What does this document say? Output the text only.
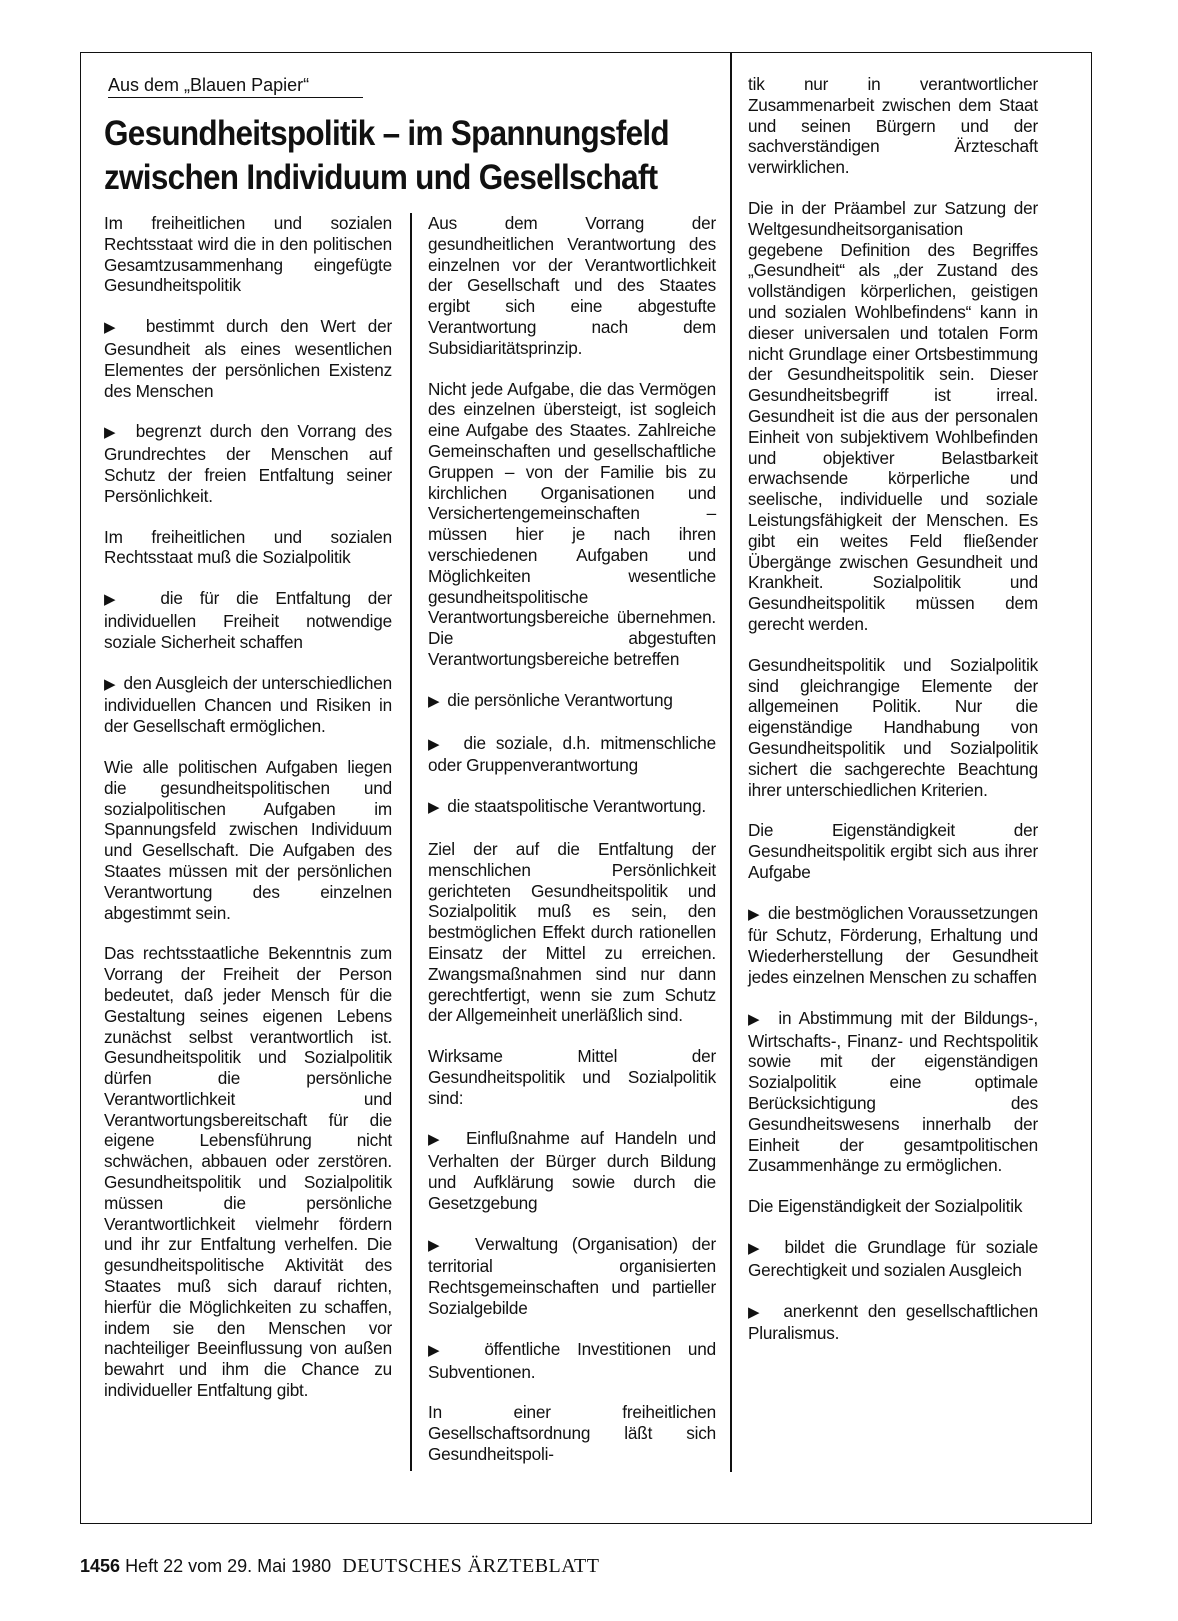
Aus dem „Blauen Papier“
Gesundheitspolitik – im Spannungsfeld
zwischen Individuum und Gesellschaft

Im freiheitlichen und sozialen Rechtsstaat wird die in den politischen Gesamtzusammenhang eingefügte Gesundheitspolitik

▶  bestimmt durch den Wert der Gesundheit als eines wesentlichen Elementes der persönlichen Existenz des Menschen

▶  begrenzt durch den Vorrang des Grundrechtes der Menschen auf Schutz der freien Entfaltung seiner Persönlichkeit.

Im freiheitlichen und sozialen Rechtsstaat muß die Sozialpolitik

▶  die für die Entfaltung der individuellen Freiheit notwendige soziale Sicherheit schaffen

▶  den Ausgleich der unterschiedlichen individuellen Chancen und Risiken in der Gesellschaft ermöglichen.

Wie alle politischen Aufgaben liegen die gesundheitspolitischen und sozialpolitischen Aufgaben im Spannungsfeld zwischen Individuum und Gesellschaft. Die Aufgaben des Staates müssen mit der persönlichen Verantwortung des einzelnen abgestimmt sein.

Das rechtsstaatliche Bekenntnis zum Vorrang der Freiheit der Person bedeutet, daß jeder Mensch für die Gestaltung seines eigenen Lebens zunächst selbst verantwortlich ist. Gesundheitspolitik und Sozialpolitik dürfen die persönliche Verantwortlichkeit und Verantwortungsbereitschaft für die eigene Lebensführung nicht schwächen, abbauen oder zerstören. Gesundheitspolitik und Sozialpolitik müssen die persönliche Verantwortlichkeit vielmehr fördern und ihr zur Entfaltung verhelfen. Die gesundheitspolitische Aktivität des Staates muß sich darauf richten, hierfür die Möglichkeiten zu schaffen, indem sie den Menschen vor nachteiliger Beeinflussung von außen bewahrt und ihm die Chance zu individueller Entfaltung gibt.

Aus dem Vorrang der gesundheitlichen Verantwortung des einzelnen vor der Verantwortlichkeit der Gesellschaft und des Staates ergibt sich eine abgestufte Verantwortung nach dem Subsidiaritätsprinzip.

Nicht jede Aufgabe, die das Vermögen des einzelnen übersteigt, ist sogleich eine Aufgabe des Staates. Zahlreiche Gemeinschaften und gesellschaftliche Gruppen – von der Familie bis zu kirchlichen Organisationen und Versichertengemeinschaften – müssen hier je nach ihren verschiedenen Aufgaben und Möglichkeiten wesentliche gesundheitspolitische Verantwortungsbereiche übernehmen. Die abgestuften Verantwortungsbereiche betreffen

▶  die persönliche Verantwortung

▶  die soziale, d.h. mitmenschliche oder Gruppenverantwortung

▶  die staatspolitische Verantwortung.

Ziel der auf die Entfaltung der menschlichen Persönlichkeit gerichteten Gesundheitspolitik und Sozialpolitik muß es sein, den bestmöglichen Effekt durch rationellen Einsatz der Mittel zu erreichen. Zwangsmaßnahmen sind nur dann gerechtfertigt, wenn sie zum Schutz der Allgemeinheit unerläßlich sind.

Wirksame Mittel der Gesundheitspolitik und Sozialpolitik sind:

▶  Einflußnahme auf Handeln und Verhalten der Bürger durch Bildung und Aufklärung sowie durch die Gesetzgebung

▶  Verwaltung (Organisation) der territorial organisierten Rechtsgemeinschaften und partieller Sozialgebilde

▶  öffentliche Investitionen und Subventionen.

In einer freiheitlichen Gesellschaftsordnung läßt sich Gesundheitspoli-

tik nur in verantwortlicher Zusammenarbeit zwischen dem Staat und seinen Bürgern und der sachverständigen Ärzteschaft verwirklichen.

Die in der Präambel zur Satzung der Weltgesundheitsorganisation gegebene Definition des Begriffes „Gesundheit“ als „der Zustand des vollständigen körperlichen, geistigen und sozialen Wohlbefindens“ kann in dieser universalen und totalen Form nicht Grundlage einer Ortsbestimmung der Gesundheitspolitik sein. Dieser Gesundheitsbegriff ist irreal. Gesundheit ist die aus der personalen Einheit von subjektivem Wohlbefinden und objektiver Belastbarkeit erwachsende körperliche und seelische, individuelle und soziale Leistungsfähigkeit der Menschen. Es gibt ein weites Feld fließender Übergänge zwischen Gesundheit und Krankheit. Sozialpolitik und Gesundheitspolitik müssen dem gerecht werden.

Gesundheitspolitik und Sozialpolitik sind gleichrangige Elemente der allgemeinen Politik. Nur die eigenständige Handhabung von Gesundheitspolitik und Sozialpolitik sichert die sachgerechte Beachtung ihrer unterschiedlichen Kriterien.

Die Eigenständigkeit der Gesundheitspolitik ergibt sich aus ihrer Aufgabe

▶  die bestmöglichen Voraussetzungen für Schutz, Förderung, Erhaltung und Wiederherstellung der Gesundheit jedes einzelnen Menschen zu schaffen

▶  in Abstimmung mit der Bildungs-, Wirtschafts-, Finanz- und Rechtspolitik sowie mit der eigenständigen Sozialpolitik eine optimale Berücksichtigung des Gesundheitswesens innerhalb der Einheit der gesamtpolitischen Zusammenhänge zu ermöglichen.

Die Eigenständigkeit der Sozialpolitik

▶  bildet die Grundlage für soziale Gerechtigkeit und sozialen Ausgleich

▶  anerkennt den gesellschaftlichen Pluralismus.

1456 Heft 22 vom 29. Mai 1980 DEUTSCHES ÄRZTEBLATT
